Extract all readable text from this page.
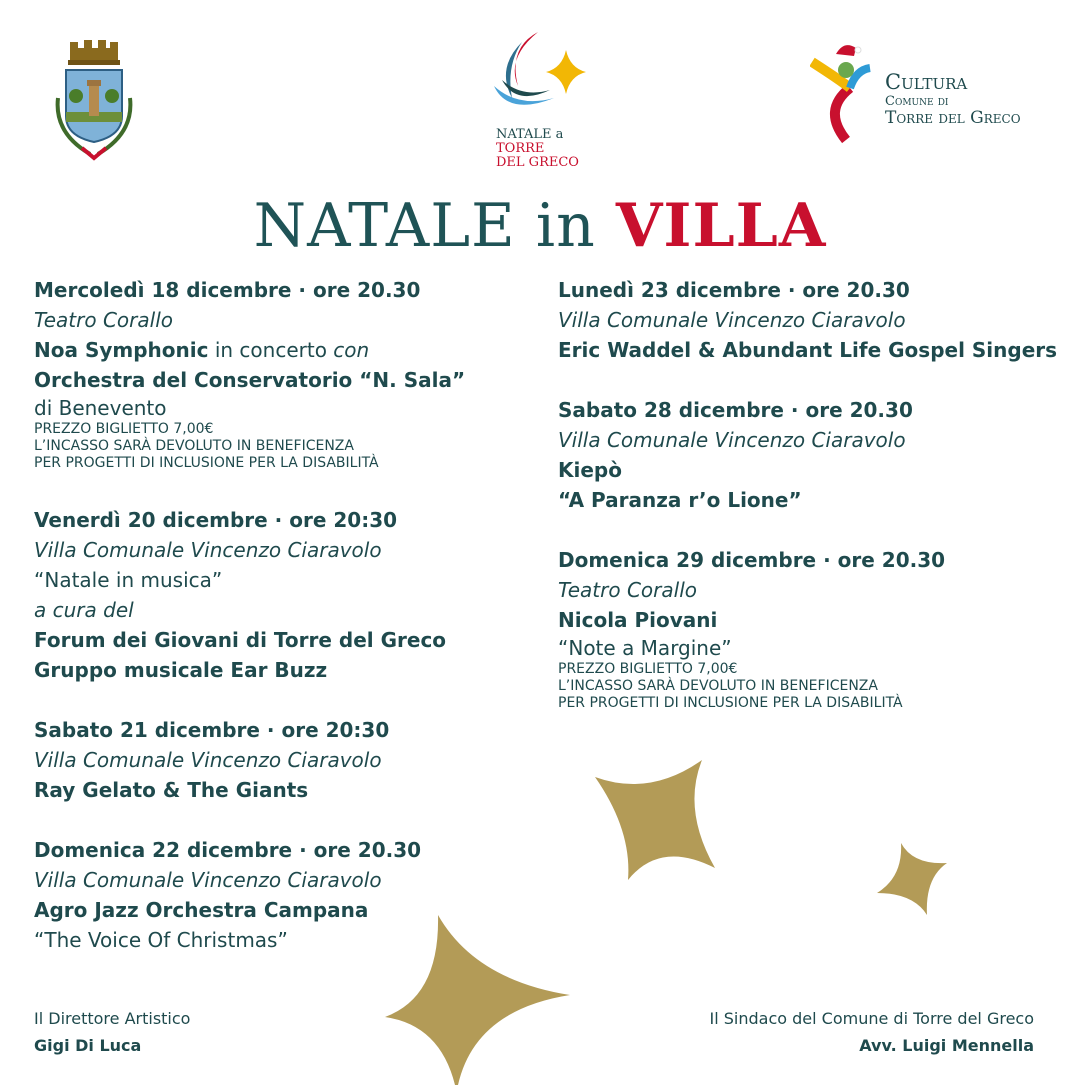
NATALE a
TORRE
DEL GRECO
Cultura
Comune di
Torre del Greco
NATALE in VILLA
Mercoledì 18 dicembre · ore 20.30
Teatro Corallo
Noa Symphonic in concerto con
Orchestra del Conservatorio “N. Sala”
di Benevento
PREZZO BIGLIETTO 7,00€
L’INCASSO SARÀ DEVOLUTO IN BENEFICENZA
PER PROGETTI DI INCLUSIONE PER LA DISABILITÀ
Venerdì 20 dicembre · ore 20:30
Villa Comunale Vincenzo Ciaravolo
“Natale in musica”
a cura del
Forum dei Giovani di Torre del Greco
Gruppo musicale Ear Buzz
Sabato 21 dicembre · ore 20:30
Villa Comunale Vincenzo Ciaravolo
Ray Gelato & The Giants
Domenica 22 dicembre · ore 20.30
Villa Comunale Vincenzo Ciaravolo
Agro Jazz Orchestra Campana
“The Voice Of Christmas”
Lunedì 23 dicembre · ore 20.30
Villa Comunale Vincenzo Ciaravolo
Eric Waddel & Abundant Life Gospel Singers
Sabato 28 dicembre · ore 20.30
Villa Comunale Vincenzo Ciaravolo
Kiepò
“A Paranza r’o Lione”
Domenica 29 dicembre · ore 20.30
Teatro Corallo
Nicola Piovani
“Note a Margine”
PREZZO BIGLIETTO 7,00€
L’INCASSO SARÀ DEVOLUTO IN BENEFICENZA
PER PROGETTI DI INCLUSIONE PER LA DISABILITÀ
Il Direttore Artistico
Gigi Di Luca
Il Sindaco del Comune di Torre del Greco
Avv. Luigi Mennella
